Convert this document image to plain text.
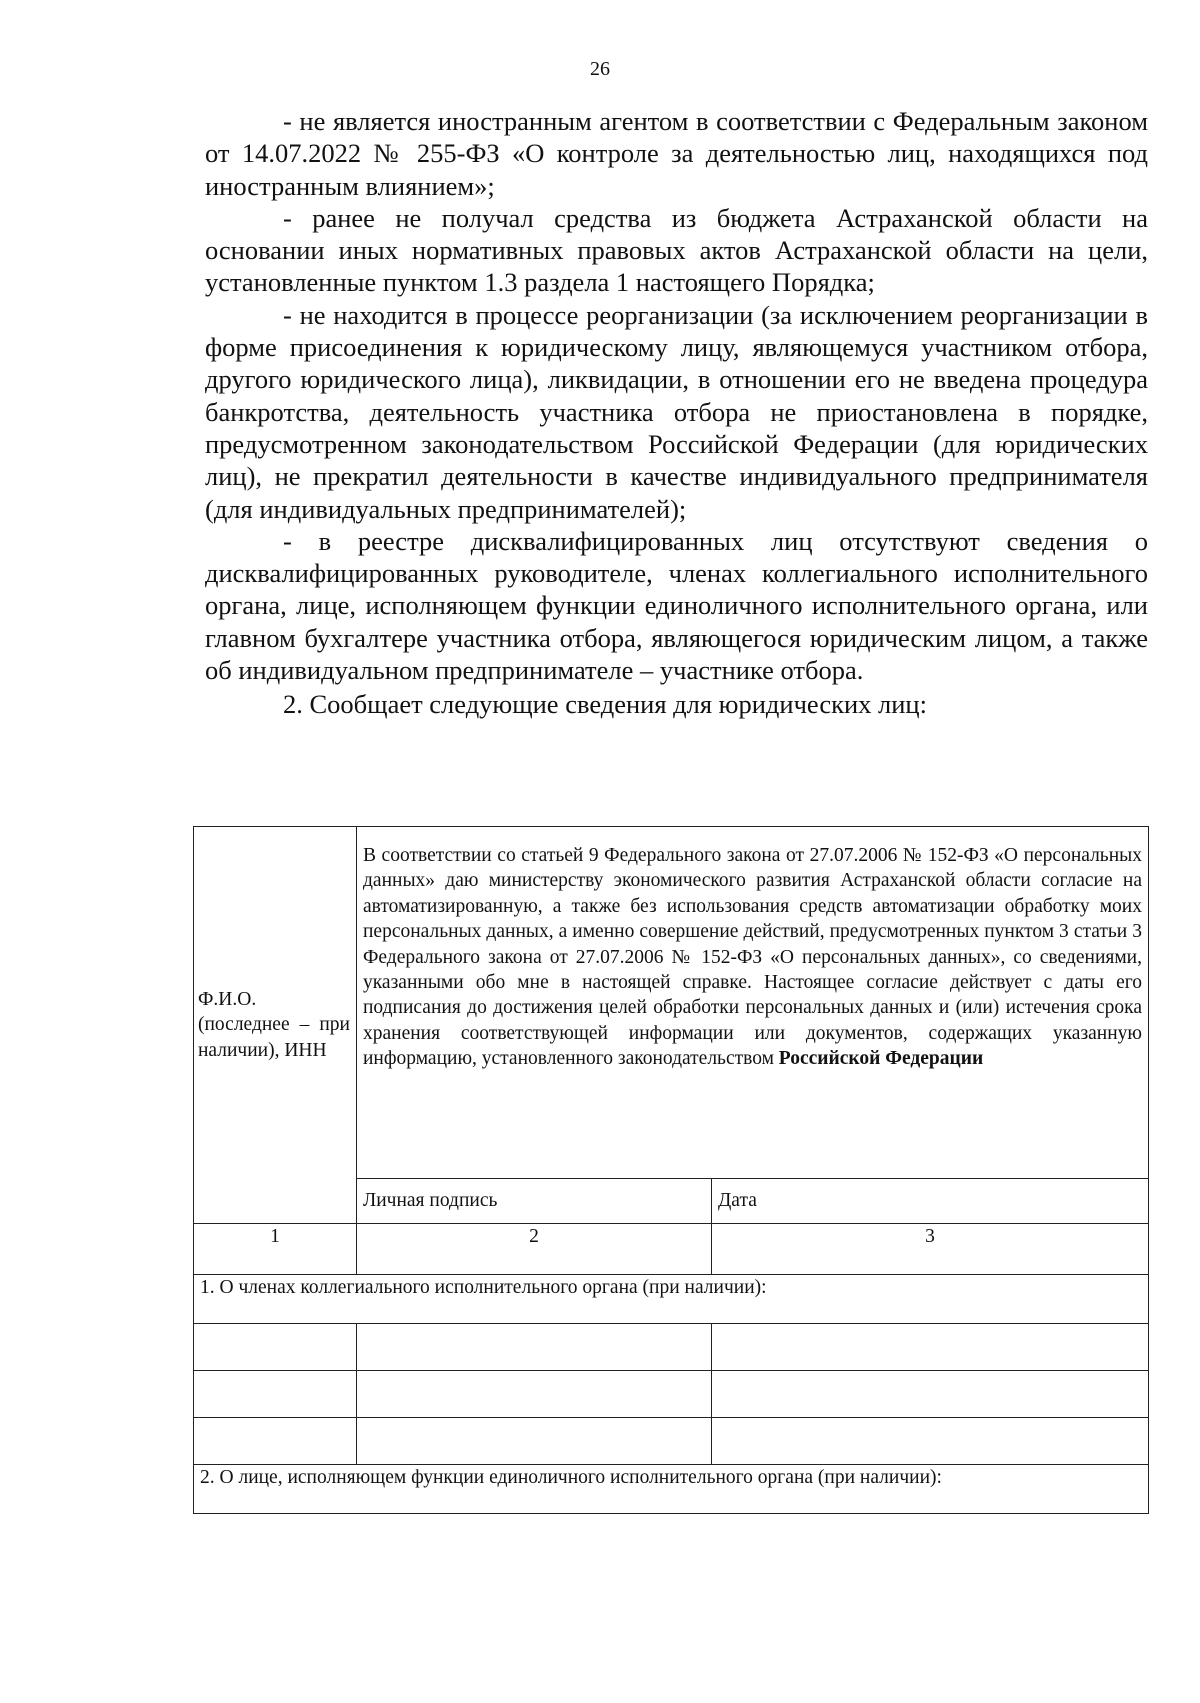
26

- не является иностранным агентом в соответствии с Федеральным законом от 14.07.2022 № 255-ФЗ «О контроле за деятельностью лиц, находящихся под иностранным влиянием»;

- ранее не получал средства из бюджета Астраханской области на основании иных нормативных правовых актов Астраханской области на цели, установленные пунктом 1.3 раздела 1 настоящего Порядка;

- не находится в процессе реорганизации (за исключением реорганизации в форме присоединения к юридическому лицу, являющемуся участником отбора, другого юридического лица), ликвидации, в отношении его не введена процедура банкротства, деятельность участника отбора не приостановлена в порядке, предусмотренном законодательством Российской Федерации (для юридических лиц), не прекратил деятельности в качестве индивидуального предпринимателя (для индивидуальных предпринимателей);

- в реестре дисквалифицированных лиц отсутствуют сведения о дисквалифицированных руководителе, членах коллегиального исполнительного органа, лице, исполняющем функции единоличного исполнительного органа, или главном бухгалтере участника отбора, являющегося юридическим лицом, а также об индивидуальном предпринимателе – участнике отбора.

2. Сообщает следующие сведения для юридических лиц:

Ф.И.О. (последнее – при наличии), ИНН	В соответствии со статьей 9 Федерального закона от 27.07.2006 № 152-ФЗ «О персональных данных» даю министерству экономического развития Астраханской области согласие на автоматизированную, а также без использования средств автоматизации обработку моих персональных данных, а именно совершение действий, предусмотренных пунктом 3 статьи 3 Федерального закона от 27.07.2006 № 152-ФЗ «О персональных данных», со сведениями, указанными обо мне в настоящей справке. Настоящее согласие действует с даты его подписания до достижения целей обработки персональных данных и (или) истечения срока хранения соответствующей информации или документов, содержащих указанную информацию, установленного законодательством Российской Федерации	
	Личная подпись	Дата
1	2	3
1. О членах коллегиального исполнительного органа (при наличии):		

2. О лице, исполняющем функции единоличного исполнительного органа (при наличии):		
